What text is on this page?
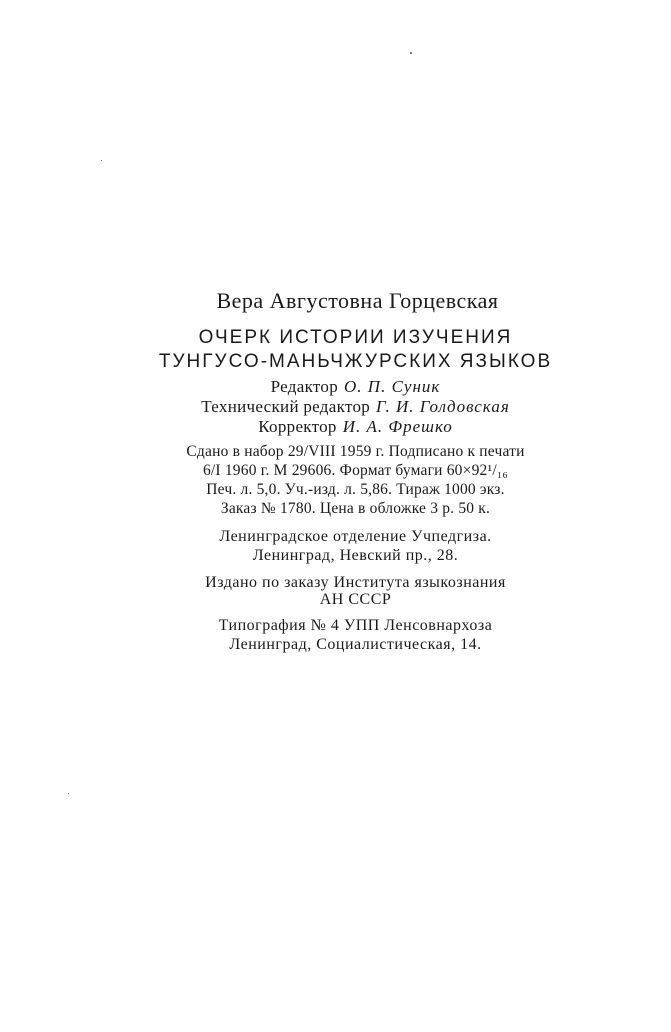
Вера Августовна Горцевская
ОЧЕРК ИСТОРИИ ИЗУЧЕНИЯ
ТУНГУСО-МАНЬЧЖУРСКИХ ЯЗЫКОВ
Редактор О. П. Суник
Технический редактор Г. И. Голдовская
Корректор И. А. Фрешко
Сдано в набор 29/VIII 1959 г. Подписано к печати
6/I 1960 г. М 29606. Формат бумаги 60×92¹/₁₆
Печ. л. 5,0. Уч.-изд. л. 5,86. Тираж 1000 экз.
Заказ № 1780. Цена в обложке 3 р. 50 к.
Ленинградское отделение Учпедгиза.
Ленинград, Невский пр., 28.
Издано по заказу Института языкознания
АН СССР
Типография № 4 УПП Ленсовнархоза
Ленинград, Социалистическая, 14.
